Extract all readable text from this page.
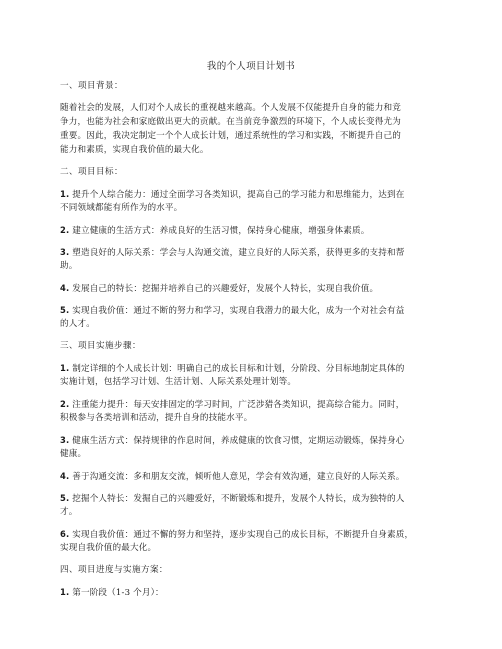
我的个人项目计划书
一、项目背景：
随着社会的发展，人们对个人成长的重视越来越高。个人发展不仅能提升自身的能力和竞
争力，也能为社会和家庭做出更大的贡献。在当前竞争激烈的环境下，个人成长变得尤为
重要。因此，我决定制定一个个人成长计划，通过系统性的学习和实践，不断提升自己的
能力和素质，实现自我价值的最大化。
二、项目目标：
1. 提升个人综合能力：通过全面学习各类知识，提高自己的学习能力和思维能力，达到在
不同领域都能有所作为的水平。
2. 建立健康的生活方式：养成良好的生活习惯，保持身心健康，增强身体素质。
3. 塑造良好的人际关系：学会与人沟通交流，建立良好的人际关系，获得更多的支持和帮
助。
4. 发展自己的特长：挖掘并培养自己的兴趣爱好，发展个人特长，实现自我价值。
5. 实现自我价值：通过不断的努力和学习，实现自我潜力的最大化，成为一个对社会有益
的人才。
三、项目实施步骤：
1. 制定详细的个人成长计划：明确自己的成长目标和计划，分阶段、分目标地制定具体的
实施计划，包括学习计划、生活计划、人际关系处理计划等。
2. 注重能力提升：每天安排固定的学习时间，广泛涉猎各类知识，提高综合能力。同时，
积极参与各类培训和活动，提升自身的技能水平。
3. 健康生活方式：保持规律的作息时间，养成健康的饮食习惯，定期运动锻炼，保持身心
健康。
4. 善于沟通交流：多和朋友交流，倾听他人意见，学会有效沟通，建立良好的人际关系。
5. 挖掘个人特长：发掘自己的兴趣爱好，不断锻炼和提升，发展个人特长，成为独特的人
才。
6. 实现自我价值：通过不懈的努力和坚持，逐步实现自己的成长目标，不断提升自身素质，
实现自我价值的最大化。
四、项目进度与实施方案：
1. 第一阶段（1-3 个月）：
